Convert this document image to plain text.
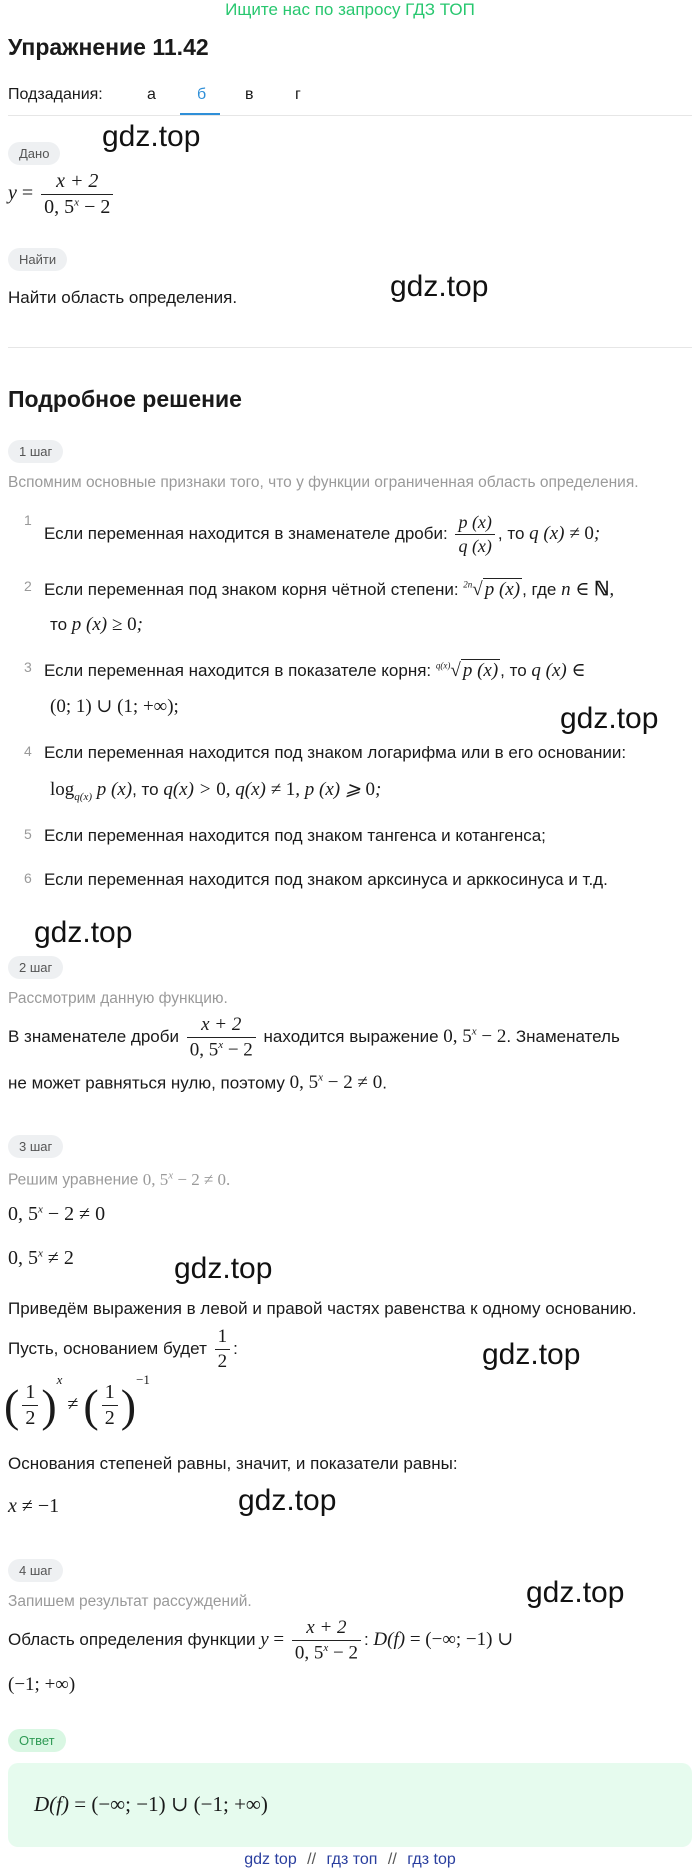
Ищите нас по запросу ГДЗ ТОП
Упражнение 11.42
Подзадания:	а	б в	г
Дано
gdz.top
$y = \frac{x + 2}{0, 5^x - 2}$
Найти
Найти область определения.	gdz.top
Подробное решение
1 шаг
Вспомним основные признаки того, что у функции ограниченная область определения.
1
Если переменная находится в знаменателе дроби: $\frac{p (x)}{q (x)}$ , то q (x) ≠ 0;
2 Если переменная под знаком корня чётной степени: $^{2n}$√ p (x) , где n ∈ ℕ,
то p (x) ≥ 0;
3 Если переменная находится в показателе корня: $^{q(x)}$√ p (x) , то q (x) ∈
(0; 1) ∪ (1; +∞);	gdz.top
4 Если переменная находится под знаком логарифма или в его основании:
$\log_{q(x)} p$ (x), то q(x) > 0, q(x) ≠ 1, p (x) ⩾ 0;
5 Если переменная находится под знаком тангенса и котангенса;
6 Если переменная находится под знаком арксинуса и арккосинуса и т.д.
gdz.top
2 шаг
Рассмотрим данную функцию.
В знаменателе дроби $\frac{x + 2}{0, 5^x - 2}$ находится выражение 0, $5^x - 2$. Знаменатель
не может равняться нулю, поэтому 0, $5^x - 2 \ne 0$.
3 шаг
Решим уравнение 0, $5^x - 2 \ne 0$.
0, $5^x - 2 \ne 0$
0, $5^x \ne 2$	gdz.top
Приведём выражения в левой и правой частях равенства к одному основанию.
Пусть, основанием будет $\frac{1}{2}$ :	gdz.top
( $\frac{1}{2} )^x$ ≠ ( $\frac{1}{2} )^{-1}$
Основания степеней равны, значит, и показатели равны:
x ≠ −1	gdz.top
4 шаг
Запишем результат рассуждений.	gdz.top
Область определения функции $y = \frac{x + 2}{0, 5^x - 2}$ : D(f) = (−∞; −1) ∪
(−1; +∞)
Ответ
D(f) = (−∞; −1) ∪ (−1; +∞)
gdz top // гдз топ // гдз top
